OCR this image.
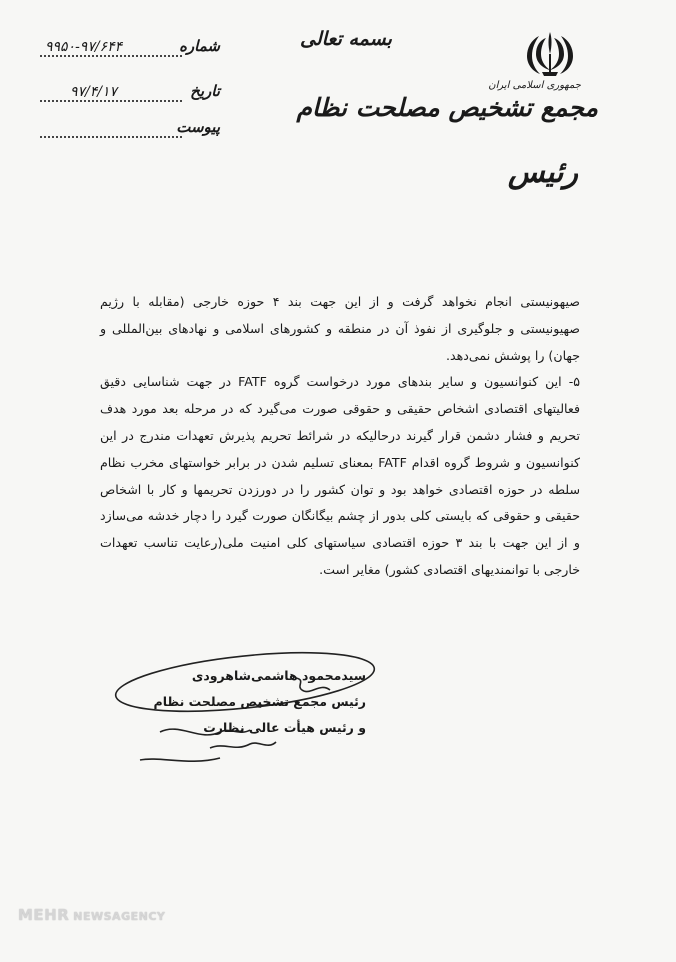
جمهوری اسلامی ایران
مجمع تشخیص مصلحت نظام
رئیس
بسمه تعالی
شماره
۹۹۵۰-۹۷/۶۴۴
تاریخ
۹۷/۴/۱۷
پیوست

صیهونیستی انجام نخواهد گرفت و از این جهت بند ۴ حوزه خارجی (مقابله با رژیم صهیونیستی و جلوگیری از نفوذ آن در منطقه و کشورهای اسلامی و نهادهای بین‌المللی و جهان) را پوشش نمی‌دهد.

۵- این کنوانسیون و سایر بندهای مورد درخواست گروه FATF در جهت شناسایی دقیق فعالیتهای اقتصادی اشخاص حقیقی و حقوقی صورت می‌گیرد که در مرحله بعد مورد هدف تحریم و فشار دشمن قرار گیرند درحالیکه در شرائط تحریم پذیرش تعهدات مندرج در این کنوانسیون و شروط گروه اقدام FATF بمعنای تسلیم شدن در برابر خواستهای مخرب نظام سلطه در حوزه اقتصادی خواهد بود و توان کشور را در دورزدن تحریمها و کار با اشخاص حقیقی و حقوقی که بایستی کلی بدور از چشم بیگانگان صورت گیرد را دچار خدشه می‌سازد و از این جهت با بند ۳ حوزه اقتصادی سیاستهای کلی امنیت ملی(رعایت تناسب تعهدات خارجی با توانمندیهای اقتصادی کشور) مغایر است.

سیدمحمود هاشمی‌شاهرودی
رئیس مجمع تشخیص مصلحت نظام
و رئیس هیأت عالی نظارت
MEHR NEWSAGENCY
